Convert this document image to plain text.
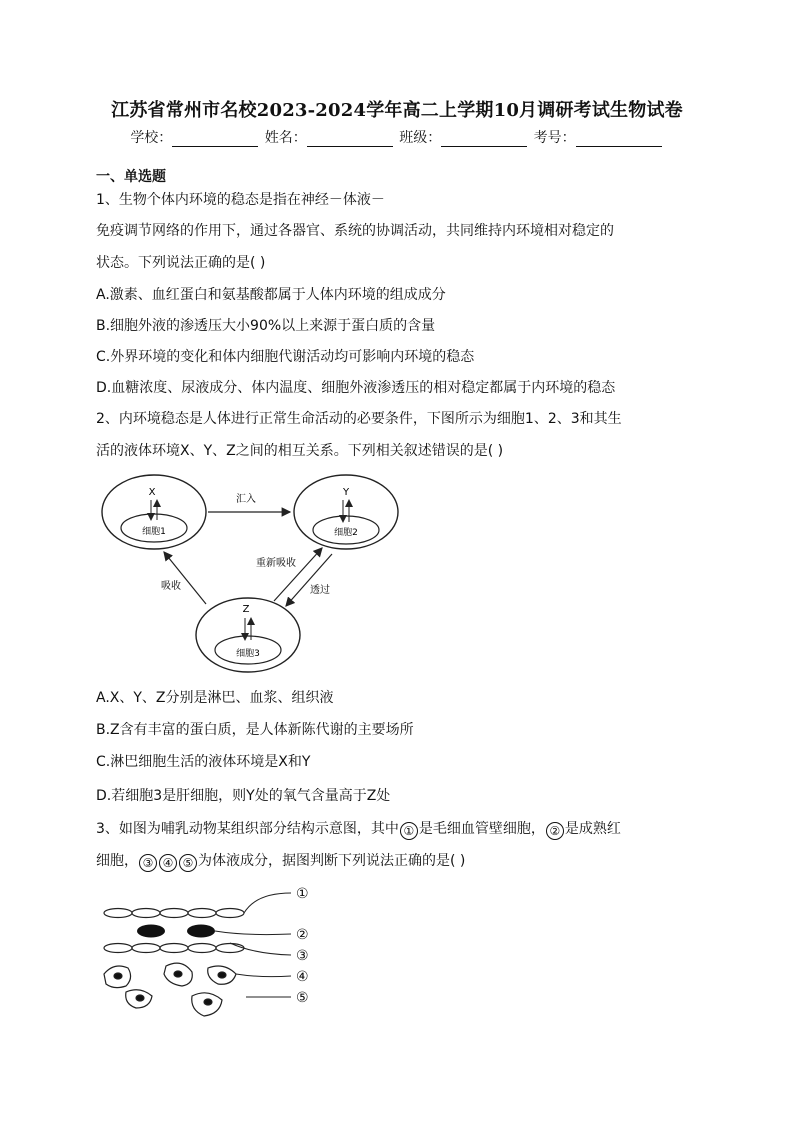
江苏省常州市名校2023-2024学年高二上学期10月调研考试生物试卷
学校：	姓名：	班级：	考号：
一、单选题
1、生物个体内环境的稳态是指在神经－体液－
免疫调节网络的作用下，通过各器官、系统的协调活动，共同维持内环境相对稳定的
状态。下列说法正确的是( )
A.激素、血红蛋白和氨基酸都属于人体内环境的组成成分
B.细胞外液的渗透压大小90%以上来源于蛋白质的含量
C.外界环境的变化和体内细胞代谢活动均可影响内环境的稳态
D.血糖浓度、尿液成分、体内温度、细胞外液渗透压的相对稳定都属于内环境的稳态
2、内环境稳态是人体进行正常生命活动的必要条件，下图所示为细胞1、2、3和其生
活的液体环境X、Y、Z之间的相互关系。下列相关叙述错误的是( )
X
细胞1
Y
细胞2
Z
细胞3
汇入
吸收
重新吸收
透过
A.X、Y、Z分别是淋巴、血浆、组织液
B.Z含有丰富的蛋白质，是人体新陈代谢的主要场所
C.淋巴细胞生活的液体环境是X和Y
D.若细胞3是肝细胞，则Y处的氧气含量高于Z处
3、如图为哺乳动物某组织部分结构示意图，其中 ① 是毛细血管壁细胞， ② 是成熟红
细胞， ③ ④ ⑤ 为体液成分，据图判断下列说法正确的是( )
①
②
③
④
⑤
